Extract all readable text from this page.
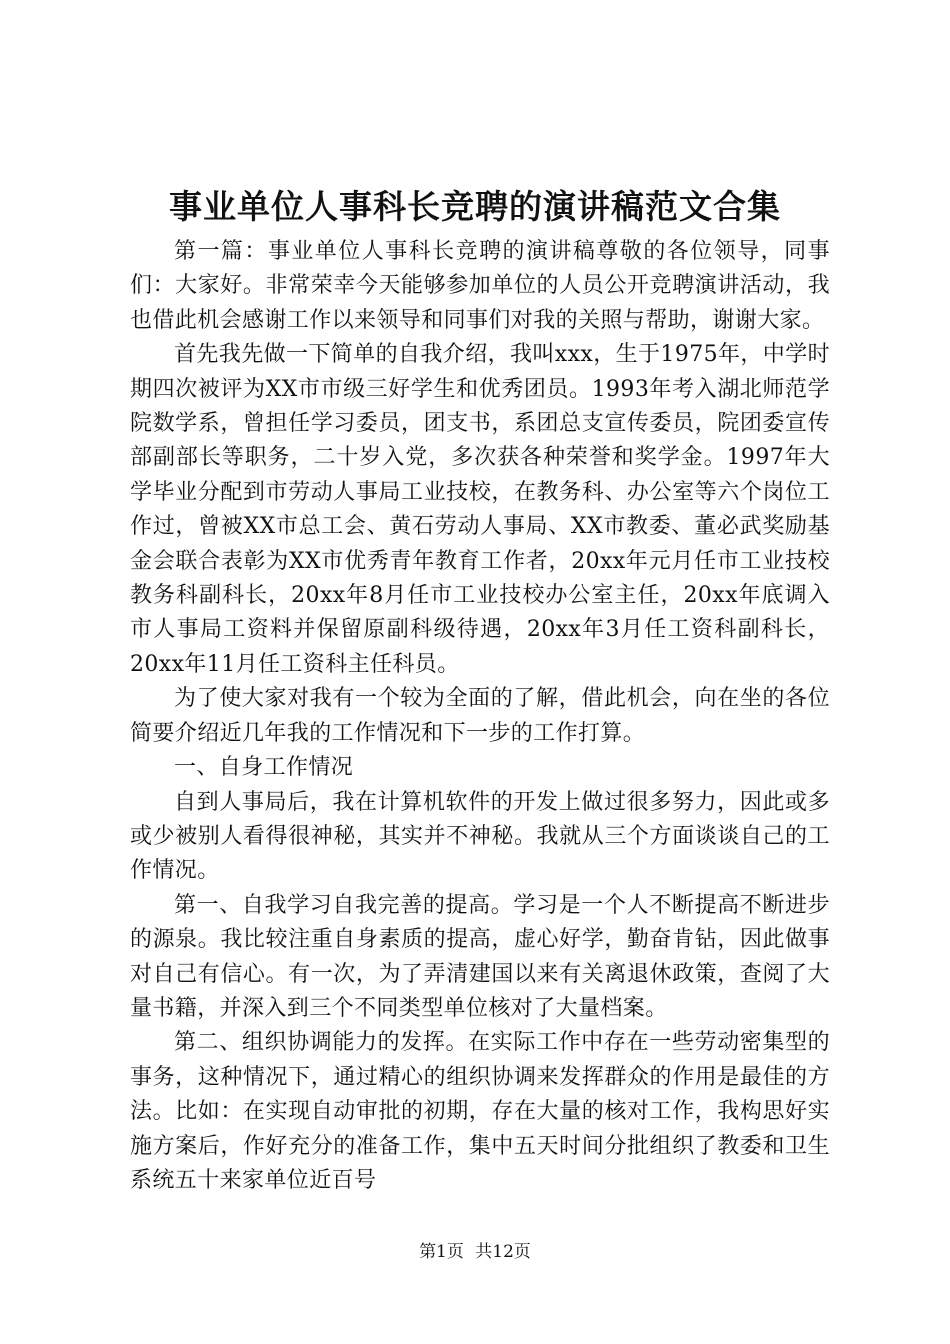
事业单位人事科长竞聘的演讲稿范文合集

第一篇：事业单位人事科长竞聘的演讲稿尊敬的各位领导，同事们：大家好。非常荣幸今天能够参加单位的人员公开竞聘演讲活动，我也借此机会感谢工作以来领导和同事们对我的关照与帮助，谢谢大家。

首先我先做一下简单的自我介绍，我叫xxx，生于1975年，中学时期四次被评为XX市市级三好学生和优秀团员。1993年考入湖北师范学院数学系，曾担任学习委员，团支书，系团总支宣传委员，院团委宣传部副部长等职务，二十岁入党，多次获各种荣誉和奖学金。1997年大学毕业分配到市劳动人事局工业技校，在教务科、办公室等六个岗位工作过，曾被XX市总工会、黄石劳动人事局、XX市教委、董必武奖励基金会联合表彰为XX市优秀青年教育工作者，20xx年元月任市工业技校教务科副科长，20xx年8月任市工业技校办公室主任，20xx年底调入市人事局工资料并保留原副科级待遇，20xx年3月任工资科副科长，20xx年11月任工资科主任科员。

为了使大家对我有一个较为全面的了解，借此机会，向在坐的各位简要介绍近几年我的工作情况和下一步的工作打算。

一、自身工作情况

自到人事局后，我在计算机软件的开发上做过很多努力，因此或多或少被别人看得很神秘，其实并不神秘。我就从三个方面谈谈自己的工作情况。

第一、自我学习自我完善的提高。学习是一个人不断提高不断进步的源泉。我比较注重自身素质的提高，虚心好学，勤奋肯钻，因此做事对自己有信心。有一次，为了弄清建国以来有关离退休政策，查阅了大量书籍，并深入到三个不同类型单位核对了大量档案。

第二、组织协调能力的发挥。在实际工作中存在一些劳动密集型的事务，这种情况下，通过精心的组织协调来发挥群众的作用是最佳的方法。比如：在实现自动审批的初期，存在大量的核对工作，我构思好实施方案后，作好充分的准备工作，集中五天时间分批组织了教委和卫生系统五十来家单位近百号

第1页 共12页
